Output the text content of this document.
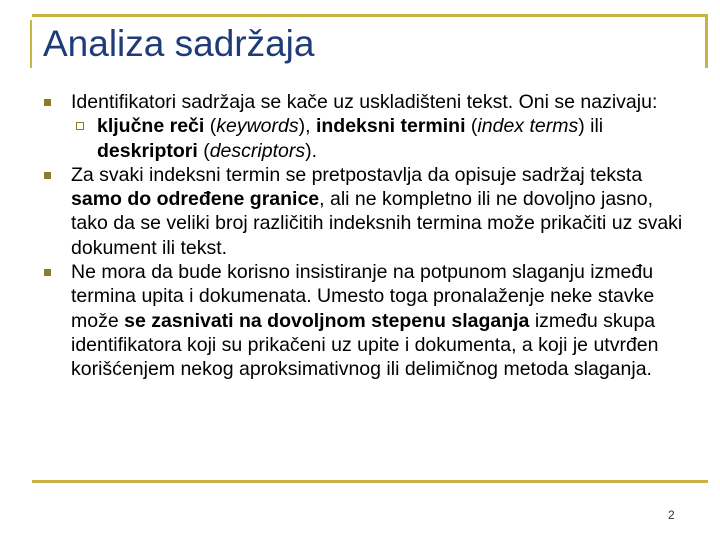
Analiza sadržaja
Identifikatori sadržaja se kače uz uskladišteni tekst. Oni se nazivaju:
ključne reči (keywords), indeksni termini (index terms) ili deskriptori (descriptors).
Za svaki indeksni termin se pretpostavlja da opisuje sadržaj teksta samo do određene granice, ali ne kompletno ili ne dovoljno jasno, tako da se veliki broj različitih indeksnih termina može prikačiti uz svaki dokument ili tekst.
Ne mora da bude korisno insistiranje na potpunom slaganju između termina upita i dokumenata. Umesto toga pronalaženje neke stavke može se zasnivati na dovoljnom stepenu slaganja između skupa identifikatora koji su prikačeni uz upite i dokumenta, a koji je utvrđen korišćenjem nekog aproksimativnog ili delimičnog metoda slaganja.
2
